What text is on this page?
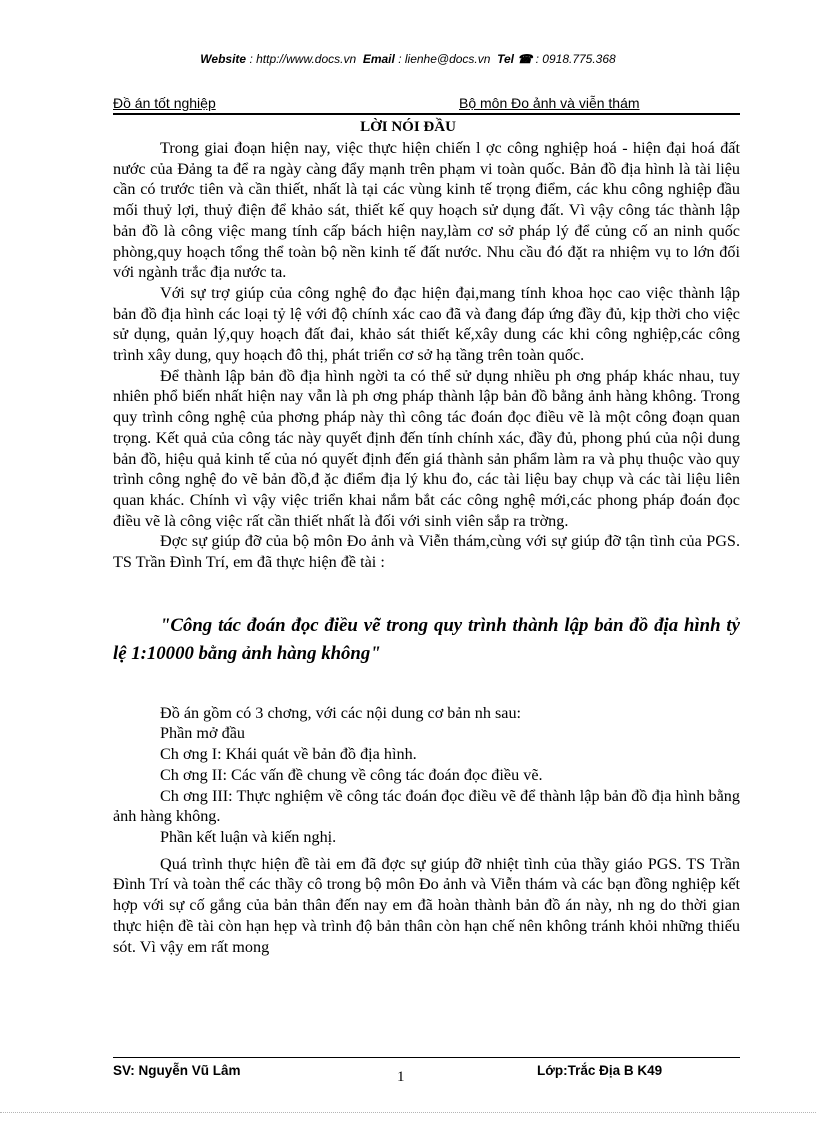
Website : http://www.docs.vn Email : lienhe@docs.vn Tel ☎ : 0918.775.368
Đồ án tốt nghiệp	Bộ môn Đo ảnh và viễn thám
LỜI NÓI ĐẦU

Trong giai đoạn hiện nay, việc thực hiện chiến l ợc công nghiệp hoá - hiện đại hoá đất nước của Đảng ta để ra ngày càng đẩy mạnh trên phạm vi toàn quốc. Bản đồ địa hình là tài liệu cần có trước tiên và cần thiết, nhất là tại các vùng kinh tế trọng điểm, các khu công nghiệp đầu mối thuỷ lợi, thuỷ điện để khảo sát, thiết kế quy hoạch sử dụng đất. Vì vậy công tác thành lập bản đồ là công việc mang tính cấp bách hiện nay,làm cơ sở pháp lý để củng cố an ninh quốc phòng,quy hoạch tổng thể toàn bộ nền kinh tế đất nước. Nhu cầu đó đặt ra nhiệm vụ to lớn đối với ngành trắc địa nước ta.

Với sự trợ giúp của công nghệ đo đạc hiện đại,mang tính khoa học cao việc thành lập bản đồ địa hình các loại tỷ lệ với độ chính xác cao đã và đang đáp ứng đầy đủ, kịp thời cho việc sử dụng, quản lý,quy hoạch đất đai, khảo sát thiết kế,xây dung các khi công nghiệp,các công trình xây dung, quy hoạch đô thị, phát triển cơ sở hạ tầng trên toàn quốc.

Để thành lập bản đồ địa hình ngời ta có thể sử dụng nhiều ph ơng pháp khác nhau, tuy nhiên phổ biến nhất hiện nay vẫn là ph ơng pháp thành lập bản đồ bằng ảnh hàng không. Trong quy trình công nghệ của phơng pháp này thì công tác đoán đọc điều vẽ là một công đoạn quan trọng. Kết quả của công tác này quyết định đến tính chính xác, đầy đủ, phong phú của nội dung bản đồ, hiệu quả kinh tế của nó quyết định đến giá thành sản phẩm làm ra và phụ thuộc vào quy trình công nghệ đo vẽ bản đồ,đ ặc điểm địa lý khu đo, các tài liệu bay chụp và các tài liệu liên quan khác. Chính vì vậy việc triển khai nắm bắt các công nghệ mới,các phong pháp đoán đọc điều vẽ là công việc rất cần thiết nhất là đối với sinh viên sắp ra trờng.

Đợc sự giúp đỡ của bộ môn Đo ảnh và Viễn thám,cùng với sự giúp đỡ tận tình của PGS. TS Trần Đình Trí, em đã thực hiện đề tài :

"Công tác đoán đọc điều vẽ trong quy trình thành lập bản đồ địa hình tỷ lệ 1:10000 bằng ảnh hàng không"

Đồ án gồm có 3 chơng, với các nội dung cơ bản nh sau:
Phần mở đầu
Ch ơng I: Khái quát về bản đồ địa hình.
Ch ơng II: Các vấn đề chung về công tác đoán đọc điều vẽ.
Ch ơng III: Thực nghiệm về công tác đoán đọc điều vẽ để thành lập bản đồ địa hình bằng ảnh hàng không.
Phần kết luận và kiến nghị.

Quá trình thực hiện đề tài em đã đợc sự giúp đỡ nhiệt tình của thầy giáo PGS. TS Trần Đình Trí và toàn thể các thầy cô trong bộ môn Đo ảnh và Viễn thám và các bạn đồng nghiệp kết hợp với sự cố gắng của bản thân đến nay em đã hoàn thành bản đồ án này, nh ng do thời gian thực hiện đề tài còn hạn hẹp và trình độ bản thân còn hạn chế nên không tránh khỏi những thiếu sót. Vì vậy em rất mong

SV: Nguyễn Vũ Lâm	1	Lớp:Trắc Địa B K49
